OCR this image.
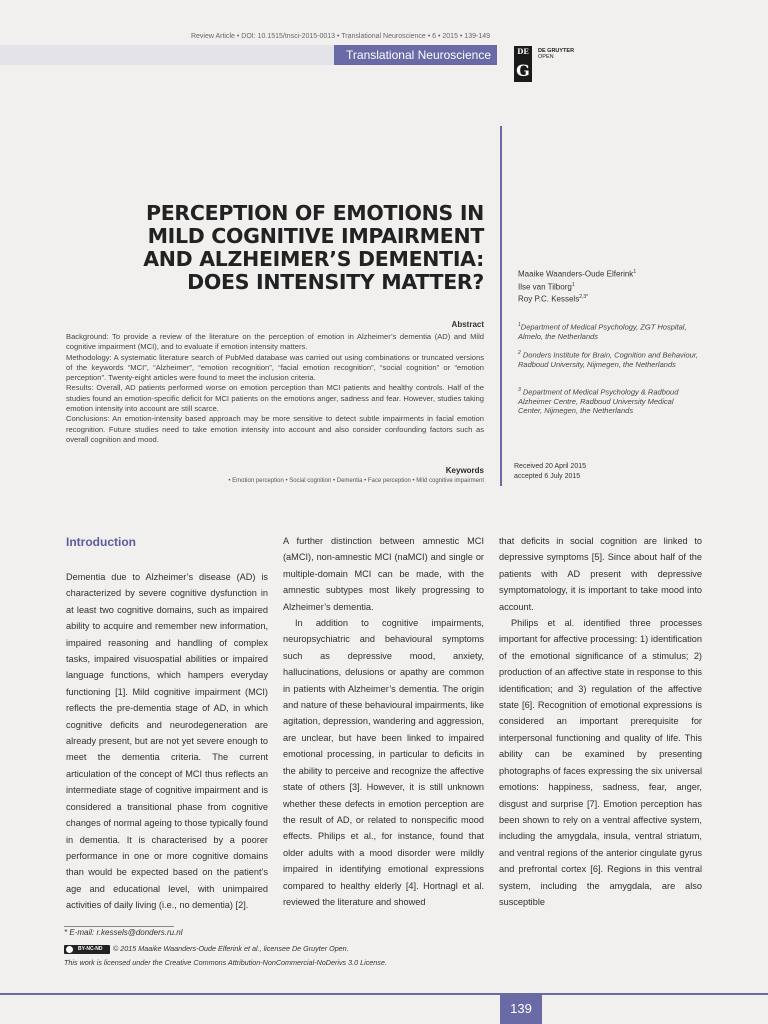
Review Article • DOI: 10.1515/tnsci-2015-0013 • Translational Neuroscience • 6 • 2015 • 139-149
Translational Neuroscience	DE
G
DE GRUYTER
OPEN
PERCEPTION OF EMOTIONS IN
MILD COGNITIVE IMPAIRMENT
AND ALZHEIMER’S DEMENTIA:
DOES INTENSITY MATTER?	Maaike Waanders-Oude Elferink$^1$
Ilse van Tilborg$^1$
Roy P.C. Kessels$^{2,3*}$
$^1$Department of Medical Psychology, ZGT Hospital, Almelo, the Netherlands
$^2$ Donders Institute for Brain, Cognition and Behaviour, Radboud University, Nijmegen, the Netherlands
$^3$ Department of Medical Psychology & Radboud Alzheimer Centre, Radboud University Medical Center, Nijmegen, the Netherlands
Abstract

Background: To provide a review of the literature on the perception of emotion in Alzheimer’s dementia (AD) and Mild cognitive impairment (MCI), and to evaluate if emotion intensity matters.

Methodology: A systematic literature search of PubMed database was carried out using combinations or truncated versions of the keywords “MCI”, “Alzheimer”, “emotion recognition”, “facial emotion recognition”, “social cognition” or “emotion perception”. Twenty-eight articles were found to meet the inclusion criteria.

Results: Overall, AD patients performed worse on emotion perception than MCI patients and healthy controls. Half of the studies found an emotion-specific deficit for MCI patients on the emotions anger, sadness and fear. However, studies taking emotion intensity into account are still scarce.

Conclusions: An emotion-intensity based approach may be more sensitive to detect subtle impairments in facial emotion recognition. Future studies need to take emotion intensity into account and also consider confounding factors such as overall cognition and mood.

Keywords
• Emotion perception • Social cognition • Dementia • Face perception • Mild cognitive impairment
Received 20 April 2015
accepted 6 July 2015
Introduction

Dementia due to Alzheimer’s disease (AD) is characterized by severe cognitive dysfunction in at least two cognitive domains, such as impaired ability to acquire and remember new information, impaired reasoning and handling of complex tasks, impaired visuospatial abilities or impaired language functions, which hampers everyday functioning [1]. Mild cognitive impairment (MCI) reflects the pre-dementia stage of AD, in which cognitive deficits and neurodegeneration are already present, but are not yet severe enough to meet the dementia criteria. The current articulation of the concept of MCI thus reflects an intermediate stage of cognitive impairment and is considered a transitional phase from cognitive changes of normal ageing to those typically found in dementia. It is characterised by a poorer performance in one or more cognitive domains than would be expected based on the patient’s age and educational level, with unimpaired activities of daily living (i.e., no dementia) [2].

A further distinction between amnestic MCI (aMCI), non-amnestic MCI (naMCI) and single or multiple-domain MCI can be made, with the amnestic subtypes most likely progressing to Alzheimer’s dementia.

In addition to cognitive impairments, neuropsychiatric and behavioural symptoms such as depressive mood, anxiety, hallucinations, delusions or apathy are common in patients with Alzheimer’s dementia. The origin and nature of these behavioural impairments, like agitation, depression, wandering and aggression, are unclear, but have been linked to impaired emotional processing, in particular to deficits in the ability to perceive and recognize the affective state of others [3]. However, it is still unknown whether these defects in emotion perception are the result of AD, or related to nonspecific mood effects. Philips et al., for instance, found that older adults with a mood disorder were mildly impaired in identifying emotional expressions compared to healthy elderly [4]. Hortnagl et al. reviewed the literature and showed

that deficits in social cognition are linked to depressive symptoms [5]. Since about half of the patients with AD present with depressive symptomatology, it is important to take mood into account.

Philips et al. identified three processes important for affective processing: 1) identification of the emotional significance of a stimulus; 2) production of an affective state in response to this identification; and 3) regulation of the affective state [6]. Recognition of emotional expressions is considered an important prerequisite for interpersonal functioning and quality of life. This ability can be examined by presenting photographs of faces expressing the six universal emotions: happiness, sadness, fear, anger, disgust and surprise [7]. Emotion perception has been shown to rely on a ventral affective system, including the amygdala, insula, ventral striatum, and ventral regions of the anterior cingulate gyrus and prefrontal cortex [6]. Regions in this ventral system, including the amygdala, are also susceptible

* E-mail: r.kessels@donders.ru.nl
BY-NC-ND © 2015 Maaike Waanders-Oude Elferink et al., licensee De Gruyter Open.
This work is licensed under the Creative Commons Attribution-NonCommercial-NoDerivs 3.0 License.
139
